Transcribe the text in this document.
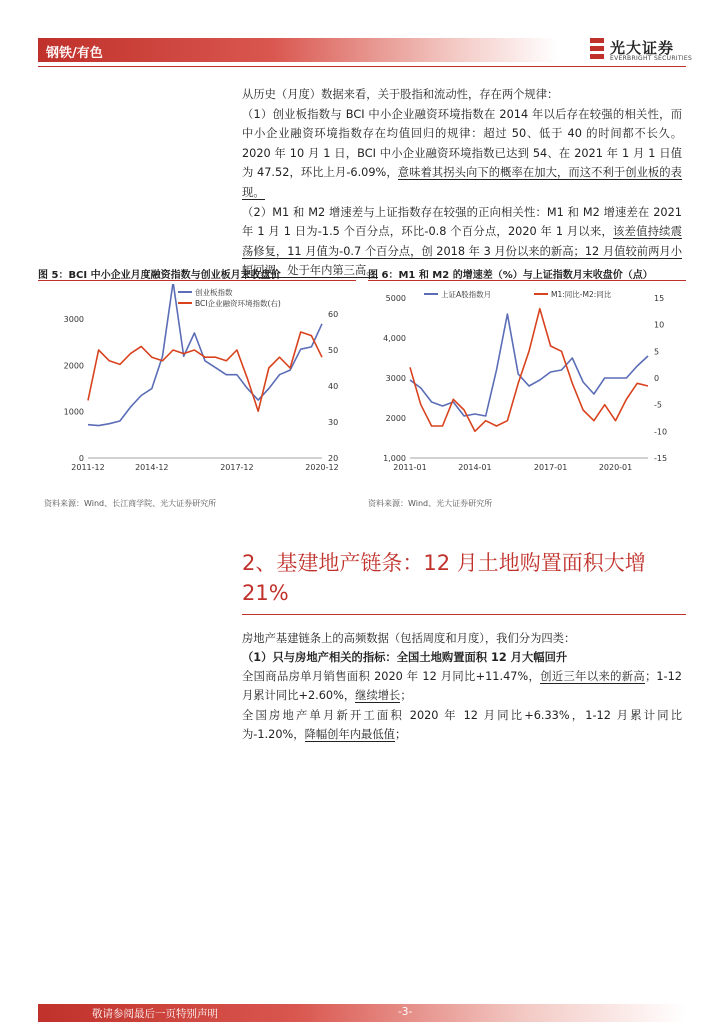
钢铁/有色	光大证券
EVERBRIGHT SECURITIES
从历史（月度）数据来看，关于股指和流动性，存在两个规律：
（1）创业板指数与 BCI 中小企业融资环境指数在 2014 年以后存在较强的相关性，而中小企业融资环境指数存在均值回归的规律：超过 50、低于 40 的时间都不长久。2020 年 10 月 1 日，BCI 中小企业融资环境指数已达到 54、在 2021 年 1 月 1 日值为 47.52，环比上月-6.09%，意味着其拐头向下的概率在加大，而这不利于创业板的表现。
（2）M1 和 M2 增速差与上证指数存在较强的正向相关性：M1 和 M2 增速差在 2021 年 1 月 1 日为-1.5 个百分点，环比-0.8 个百分点，2020 年 1 月以来，该差值持续震荡修复，11 月值为-0.7 个百分点，创 2018 年 3 月份以来的新高；12 月值较前两月小幅回调，处于年内第三高。
图 5：BCI 中小企业月度融资指数与创业板月末收盘价
0
1000
2000
3000
20
30
40
50
60
2011-12	2014-12	2017-12	2020-12
创业板指数
BCI企业融资环境指数(右)
资料来源：Wind、长江商学院、光大证券研究所
图 6：M1 和 M2 的增速差（%）与上证指数月末收盘价（点）
1,000
2000
3000
4,000
5000
-15
-10
-5
0
5
10
15
2011-01	2014-01	2017-01	2020-01
上证A股指数月	M1:同比-M2:同比
资料来源：Wind、光大证券研究所
2、基建地产链条：12 月土地购置面积大增 21%
房地产基建链条上的高频数据（包括周度和月度），我们分为四类：
（1）只与房地产相关的指标：全国土地购置面积 12 月大幅回升
全国商品房单月销售面积 2020 年 12 月同比+11.47%，创近三年以来的新高；1-12 月累计同比+2.60%，继续增长；
全国房地产单月新开工面积 2020 年 12 月同比+6.33%，1-12 月累计同比为-1.20%，降幅创年内最低值；
敬请参阅最后一页特别声明	-3-
